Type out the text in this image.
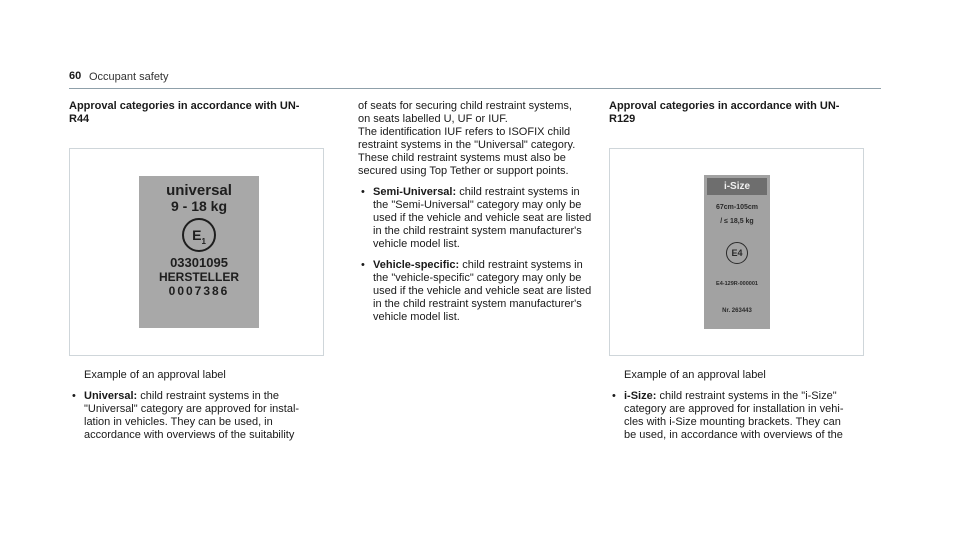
60 Occupant safety
Approval categories in accordance with UN-
R44
universal
9 - 18 kg
$E_1$
03301095
HERSTELLER
0007386

Example of an approval label

• Universal: child restraint systems in the
"Universal" category are approved for instal-
lation in vehicles. They can be used, in
accordance with overviews of the suitability

of seats for securing child restraint systems,
on seats labelled U, UF or IUF.
The identification IUF refers to ISOFIX child
restraint systems in the "Universal" category.
These child restraint systems must also be
secured using Top Tether or support points.

• Semi-Universal: child restraint systems in
the "Semi-Universal" category may only be
used if the vehicle and vehicle seat are listed
in the child restraint system manufacturer's
vehicle model list.
• Vehicle-specific: child restraint systems in
the "vehicle-specific" category may only be
used if the vehicle and vehicle seat are listed
in the child restraint system manufacturer's
vehicle model list.
Approval categories in accordance with UN-
R129
i-Size
67cm-105cm
/ ≤ 18,5 kg
E4
E4-129R-000001
Nr. 263443

Example of an approval label

• i-Size: child restraint systems in the "i-Size"
category are approved for installation in vehi-
cles with i-Size mounting brackets. They can
be used, in accordance with overviews of the
